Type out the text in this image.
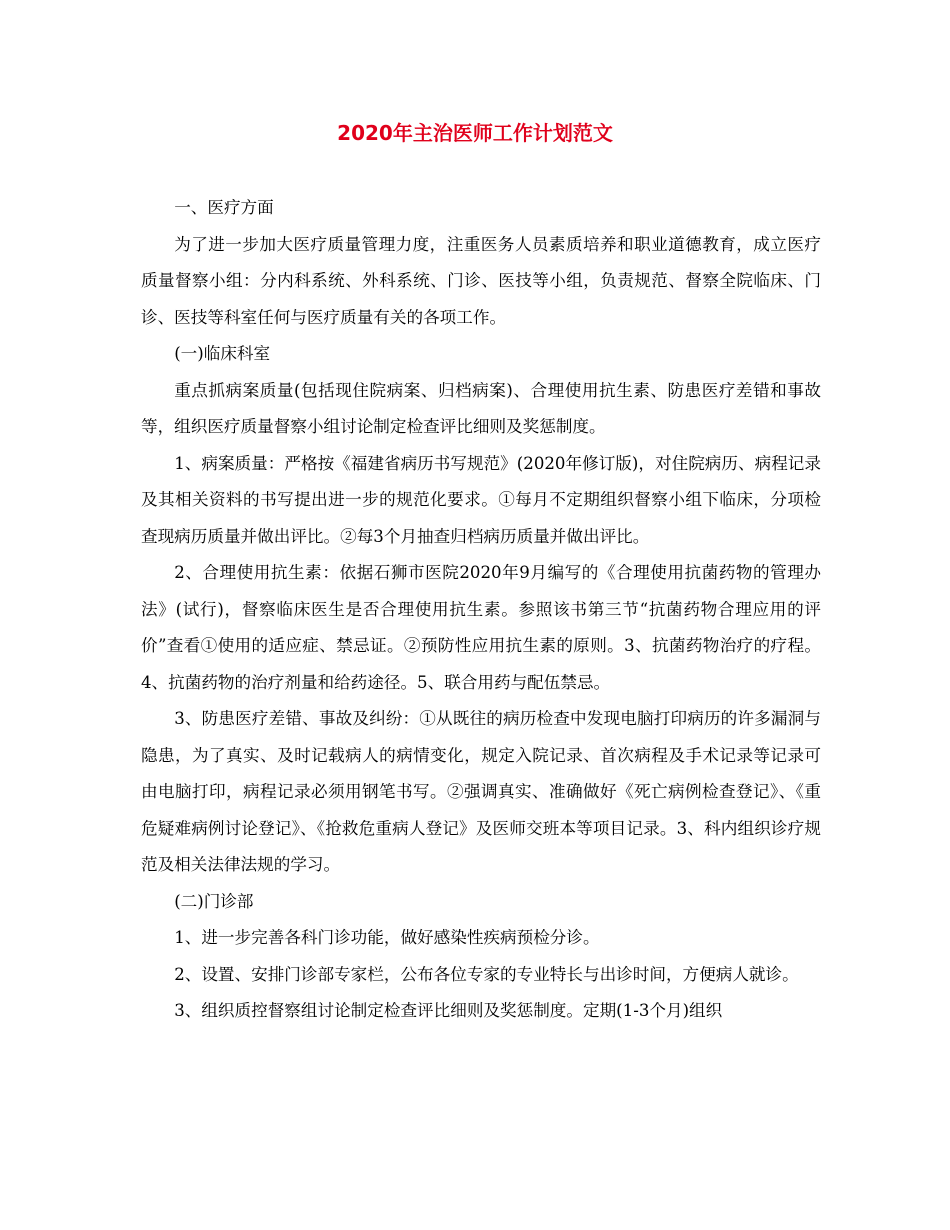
2020年主治医师工作计划范文

一、医疗方面

为了进一步加大医疗质量管理力度，注重医务人员素质培养和职业道德教育，成立医疗质量督察小组：分内科系统、外科系统、门诊、医技等小组，负责规范、督察全院临床、门诊、医技等科室任何与医疗质量有关的各项工作。

(一)临床科室

重点抓病案质量(包括现住院病案、归档病案)、合理使用抗生素、防患医疗差错和事故等，组织医疗质量督察小组讨论制定检查评比细则及奖惩制度。

1、病案质量：严格按《福建省病历书写规范》(2020年修订版)，对住院病历、病程记录及其相关资料的书写提出进一步的规范化要求。①每月不定期组织督察小组下临床，分项检查现病历质量并做出评比。②每3个月抽查归档病历质量并做出评比。

2、合理使用抗生素：依据石狮市医院2020年9月编写的《合理使用抗菌药物的管理办法》(试行)，督察临床医生是否合理使用抗生素。参照该书第三节“抗菌药物合理应用的评价”查看①使用的适应症、禁忌证。②预防性应用抗生素的原则。3、抗菌药物治疗的疗程。4、抗菌药物的治疗剂量和给药途径。5、联合用药与配伍禁忌。

3、防患医疗差错、事故及纠纷：①从既往的病历检查中发现电脑打印病历的许多漏洞与隐患，为了真实、及时记载病人的病情变化，规定入院记录、首次病程及手术记录等记录可由电脑打印，病程记录必须用钢笔书写。②强调真实、准确做好《死亡病例检查登记》、《重危疑难病例讨论登记》、《抢救危重病人登记》及医师交班本等项目记录。3、科内组织诊疗规范及相关法律法规的学习。

(二)门诊部

1、进一步完善各科门诊功能，做好感染性疾病预检分诊。

2、设置、安排门诊部专家栏，公布各位专家的专业特长与出诊时间，方便病人就诊。

3、组织质控督察组讨论制定检查评比细则及奖惩制度。定期(1-3个月)组织
